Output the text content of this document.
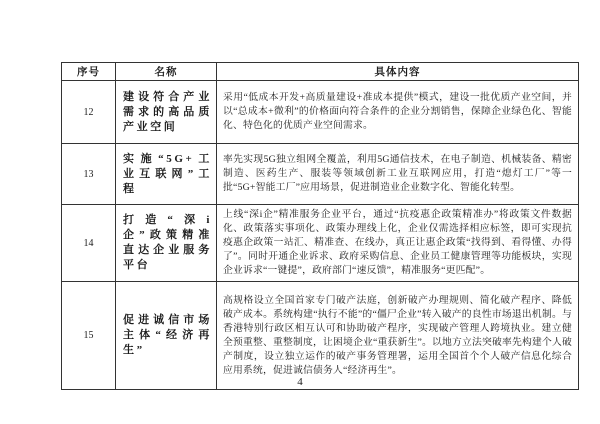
序号	名称	具体内容
12	建设符合产业需求的高品质产业空间	采用“低成本开发+高质量建设+准成本提供”模式，建设一批优质产业空间，并以“总成本+微利”的价格面向符合条件的企业分割销售，保障企业绿色化、智能化、特色化的优质产业空间需求。
13	实施“5G+工业互联网”工程	率先实现5G独立组网全覆盖，利用5G通信技术，在电子制造、机械装备、精密制造、医药生产、服装等领域创新工业互联网应用，打造“熄灯工厂”等一批“5G+智能工厂”应用场景，促进制造业企业数字化、智能化转型。
14	打造“深i企”政策精准直达企业服务平台	上线“深i企”精准服务企业平台，通过“抗疫惠企政策精准办”将政策文件数据化、政策落实事项化、政策办理线上化，企业仅需选择相应标签，即可实现抗疫惠企政策一站汇、精准查、在线办，真正让惠企政策“找得到、看得懂、办得了”。同时开通企业诉求、政府采购信息、企业员工健康管理等功能板块，实现企业诉求“一键提”，政府部门“速反馈”，精准服务“更匹配”。
15	促进诚信市场主体“经济再生”	高规格设立全国首家专门破产法庭，创新破产办理规则、简化破产程序、降低破产成本。系统构建“执行不能”的“僵尸企业”转入破产的良性市场退出机制。与香港特别行政区相互认可和协助破产程序，实现破产管理人跨境执业。建立健全预重整、重整制度，让困境企业“重获新生”。以地方立法突破率先构建个人破产制度，设立独立运作的破产事务管理署，运用全国首个个人破产信息化综合应用系统，促进诚信债务人“经济再生”。
4
